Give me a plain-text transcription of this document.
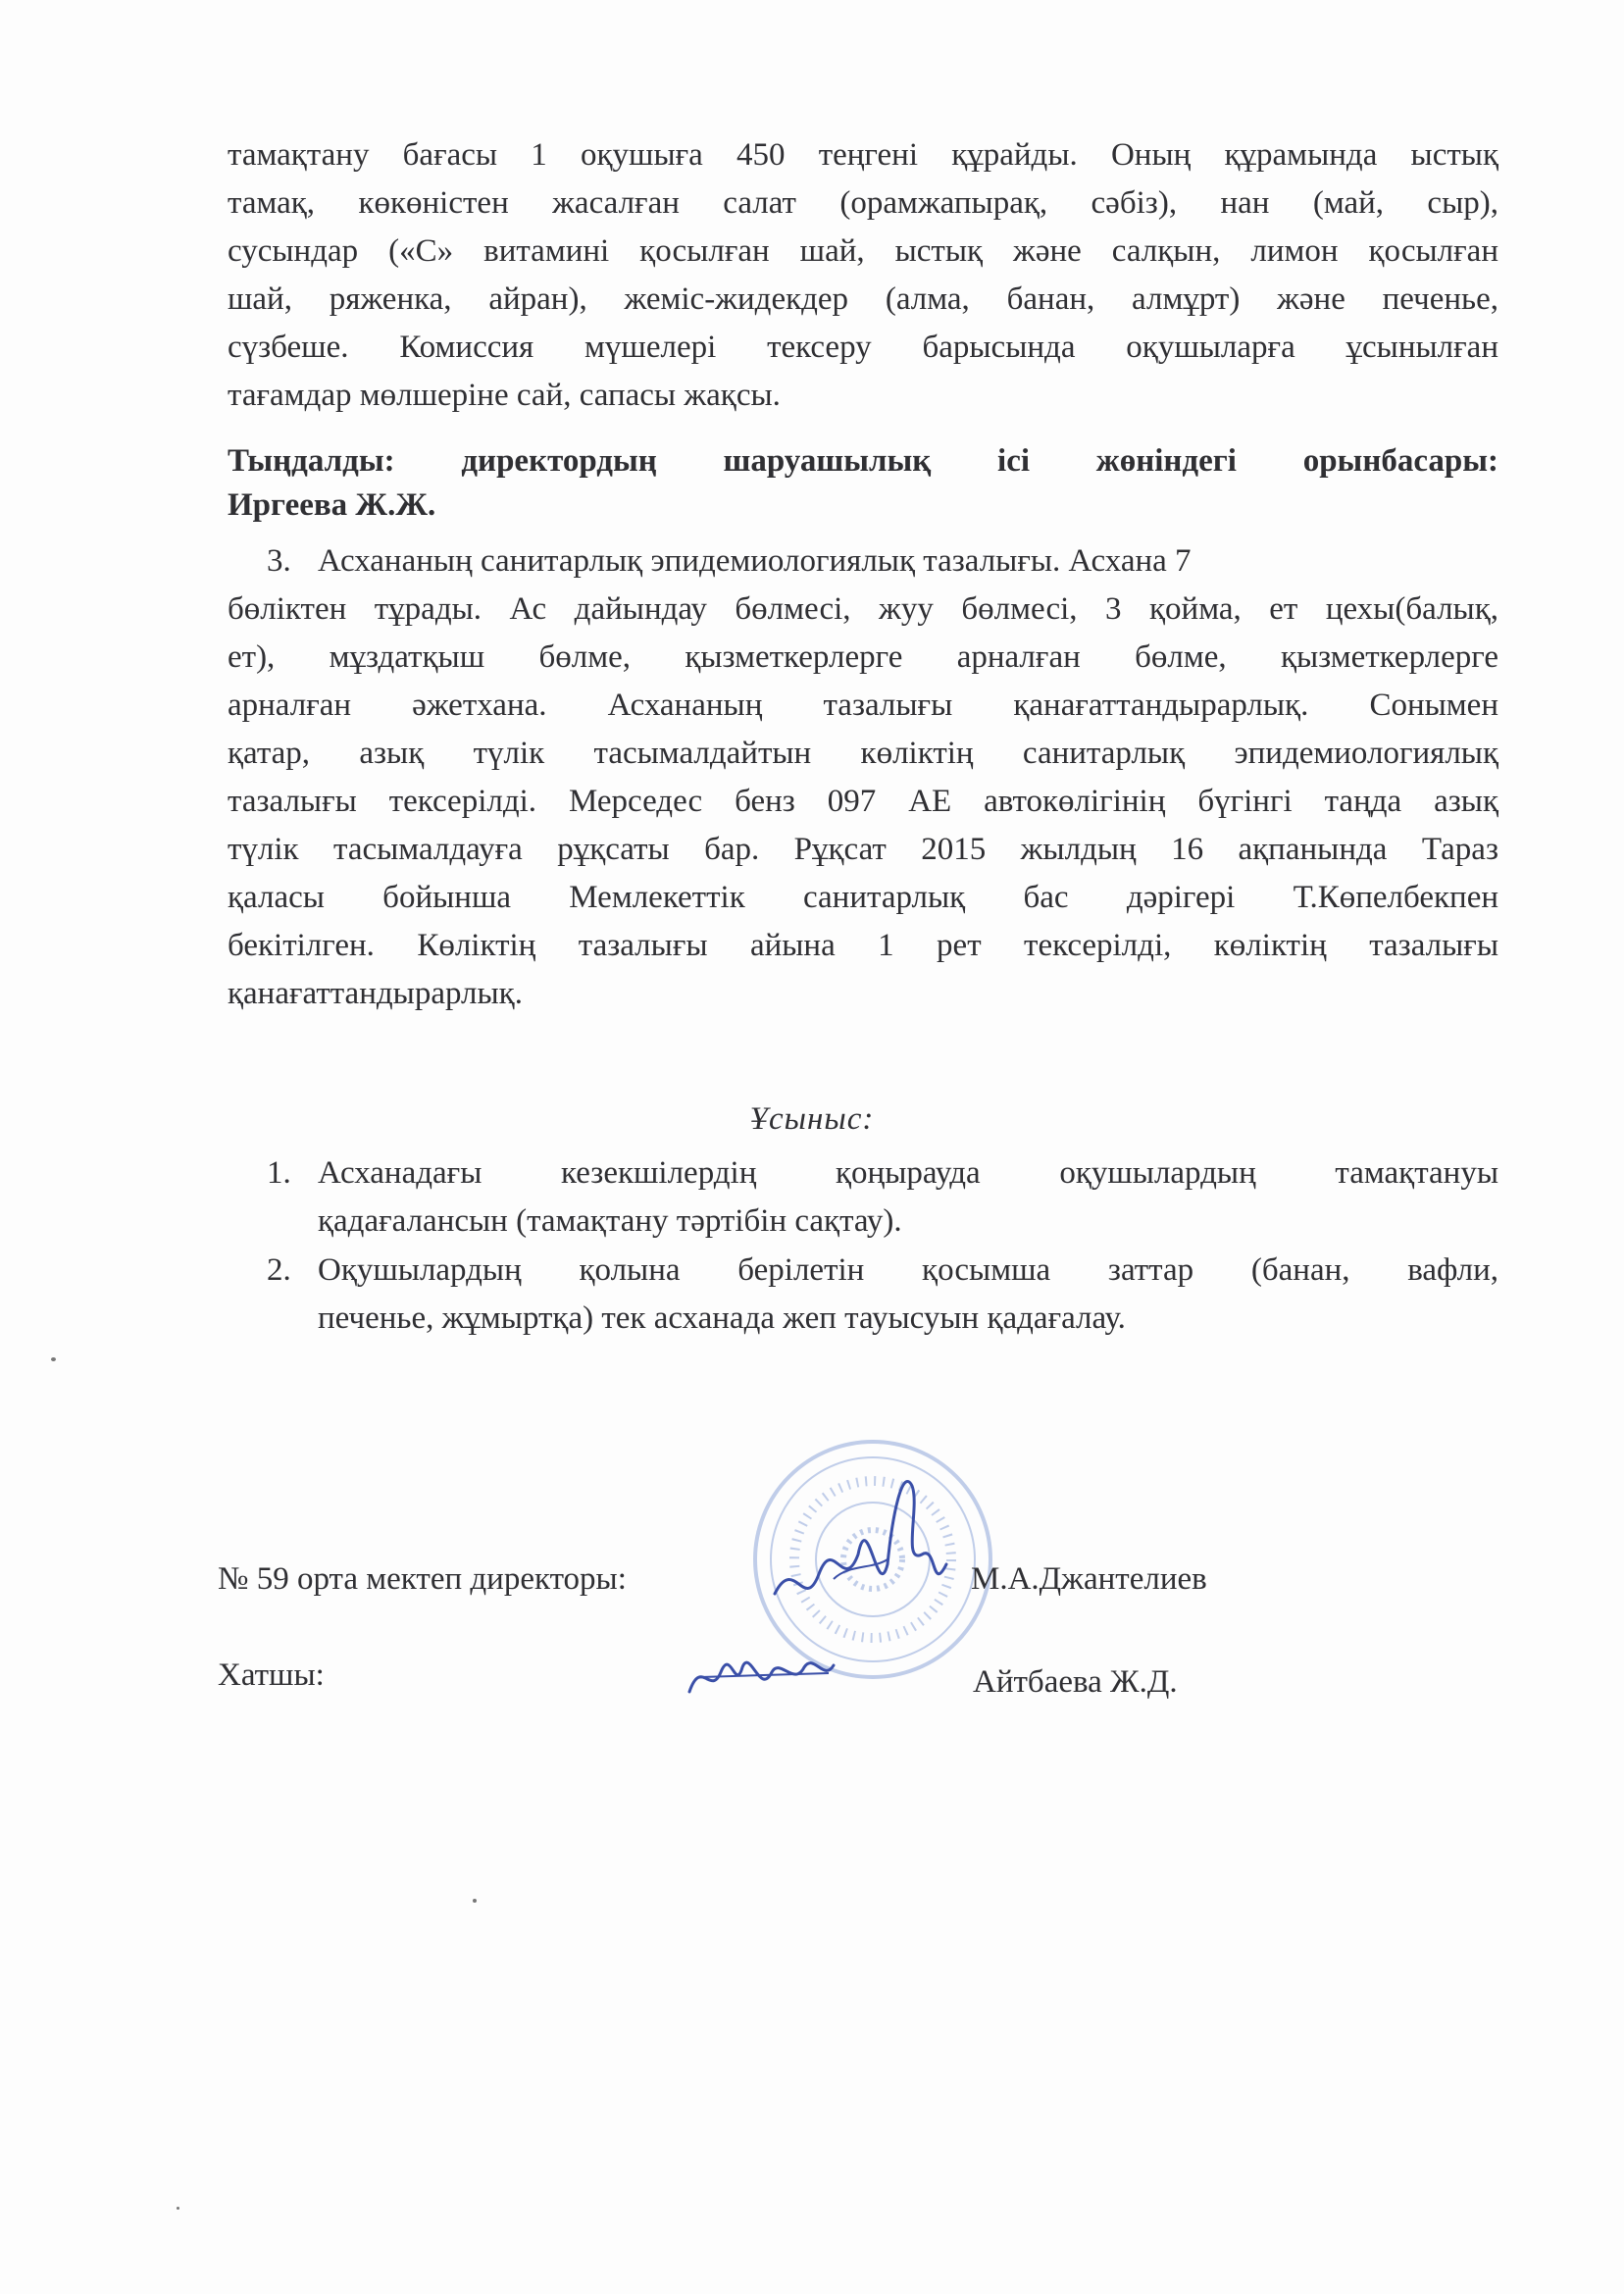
тамақтану бағасы 1 оқушыға 450 теңгені құрайды. Оның құрамында ыстық
тамақ, көкөністен жасалған салат (орамжапырақ, сәбіз), нан (май, сыр),
сусындар («С» витамині қосылған шай, ыстық және салқын, лимон қосылған
шай, ряженка, айран), жеміс-жидекдер (алма, банан, алмұрт) және печенье,
сүзбеше. Комиссия мүшелері тексеру барысында оқушыларға ұсынылған
тағамдар мөлшеріне сай, сапасы жақсы.
Тыңдалды: директордың шаруашылық ісі жөніндегі орынбасары:
Иргеева Ж.Ж.
3. Асхананың санитарлық эпидемиологиялық тазалығы. Асхана 7
бөліктен тұрады. Ас дайындау бөлмесі, жуу бөлмесі, 3 қойма, ет цехы(балық,
ет), мұздатқыш бөлме, қызметкерлерге арналған бөлме, қызметкерлерге
арналған әжетхана. Асхананың тазалығы қанағаттандырарлық. Сонымен
қатар, азық түлік тасымалдайтын көліктің санитарлық эпидемиологиялық
тазалығы тексерілді. Мерседес бенз 097 АЕ автокөлігінің бүгінгі таңда азық
түлік тасымалдауға рұқсаты бар. Рұқсат 2015 жылдың 16 ақпанында Тараз
қаласы бойынша Мемлекеттік санитарлық бас дәрігері Т.Көпелбекпен
бекітілген. Көліктің тазалығы айына 1 рет тексерілді, көліктің тазалығы
қанағаттандырарлық.
Ұсыныс:
1. Асханадағы кезекшілердің қоңырауда оқушылардың тамақтануы
қадағалансын (тамақтану тәртібін сақтау).
2. Оқушылардың қолына берілетін қосымша заттар (банан, вафли,
печенье, жұмыртқа) тек асханада жеп тауысуын қадағалау.
№ 59 орта мектеп директоры:	М.А.Джантелиев
Хатшы:	Айтбаева Ж.Д.
